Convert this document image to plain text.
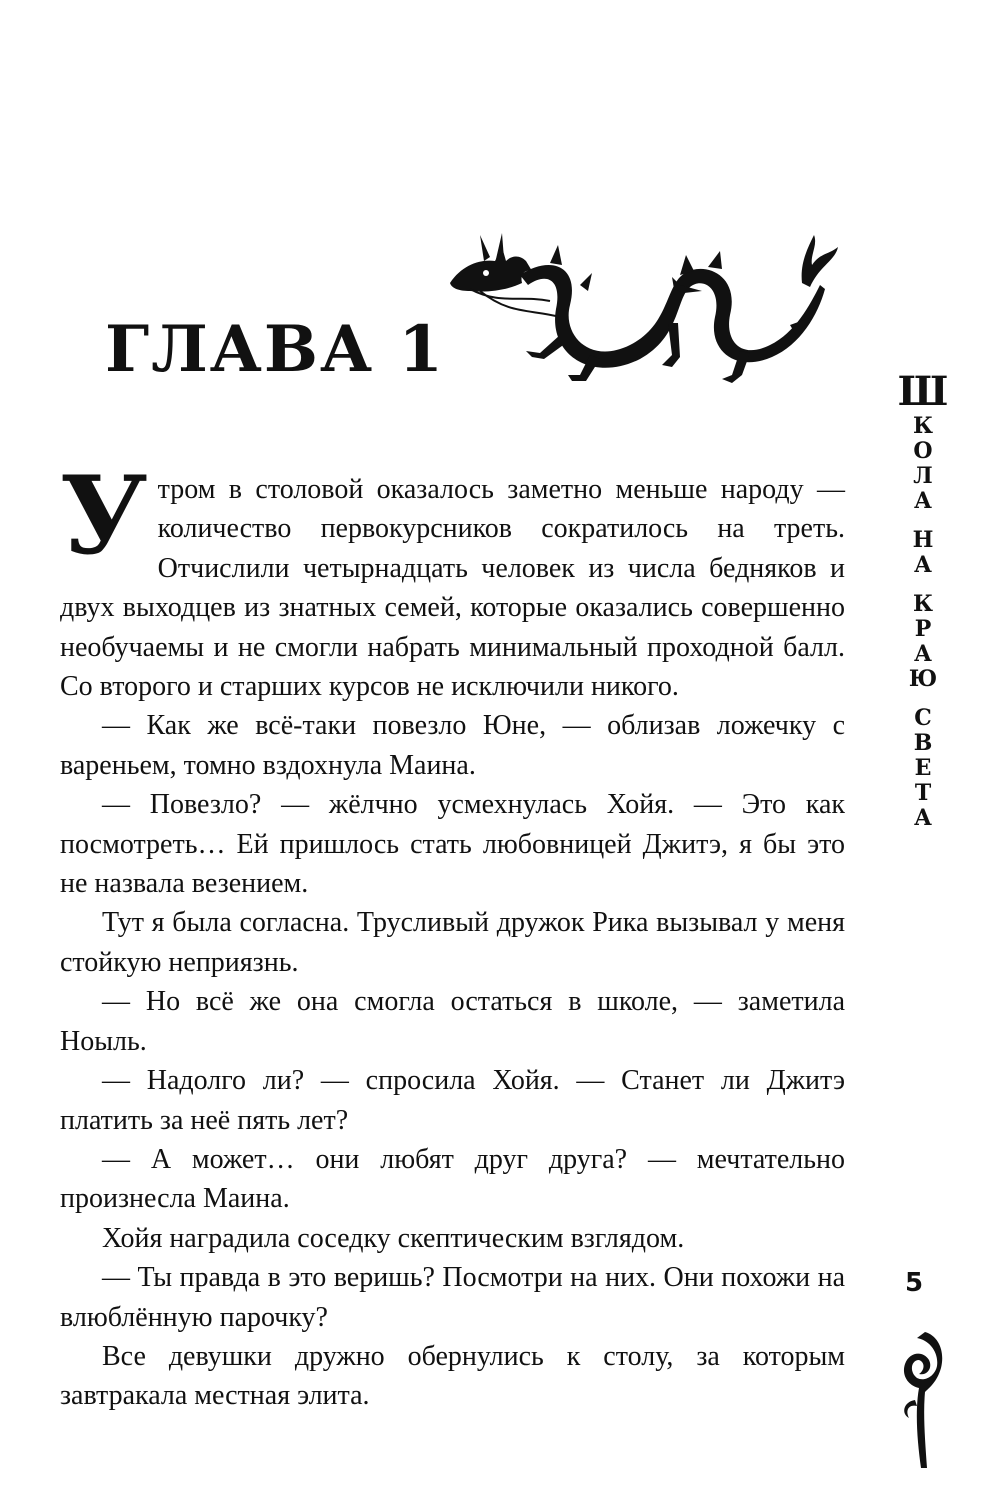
ГЛАВА 1

Утром в столовой оказалось заметно меньше народу — количество первокурсников сократилось на треть. Отчислили четырнадцать человек из числа бедняков и двух выходцев из знатных семей, которые оказались совершенно необучаемы и не смогли набрать минимальный проходной балл. Со второго и старших курсов не исключили никого.

— Как же всё-таки повезло Юне, — облизав ложечку с вареньем, томно вздохнула Маина.

— Повезло? — жёлчно усмехнулась Хойя. — Это как посмотреть… Ей пришлось стать любовницей Джитэ, я бы это не назвала везением.

Тут я была согласна. Трусливый дружок Рика вызывал у меня стойкую неприязнь.

— Но всё же она смогла остаться в школе, — заметила Ноыль.

— Надолго ли? — спросила Хойя. — Станет ли Джитэ платить за неё пять лет?

— А может… они любят друг друга? — мечтательно произнесла Маина.

Хойя наградила соседку скептическим взглядом.

— Ты правда в это веришь? Посмотри на них. Они похожи на влюблённую парочку?

Все девушки дружно обернулись к столу, за которым завтракала местная элита.

Ш
К
О
Л
А
Н
А
К
Р
А
Ю
С
В
Е
Т
А
5
